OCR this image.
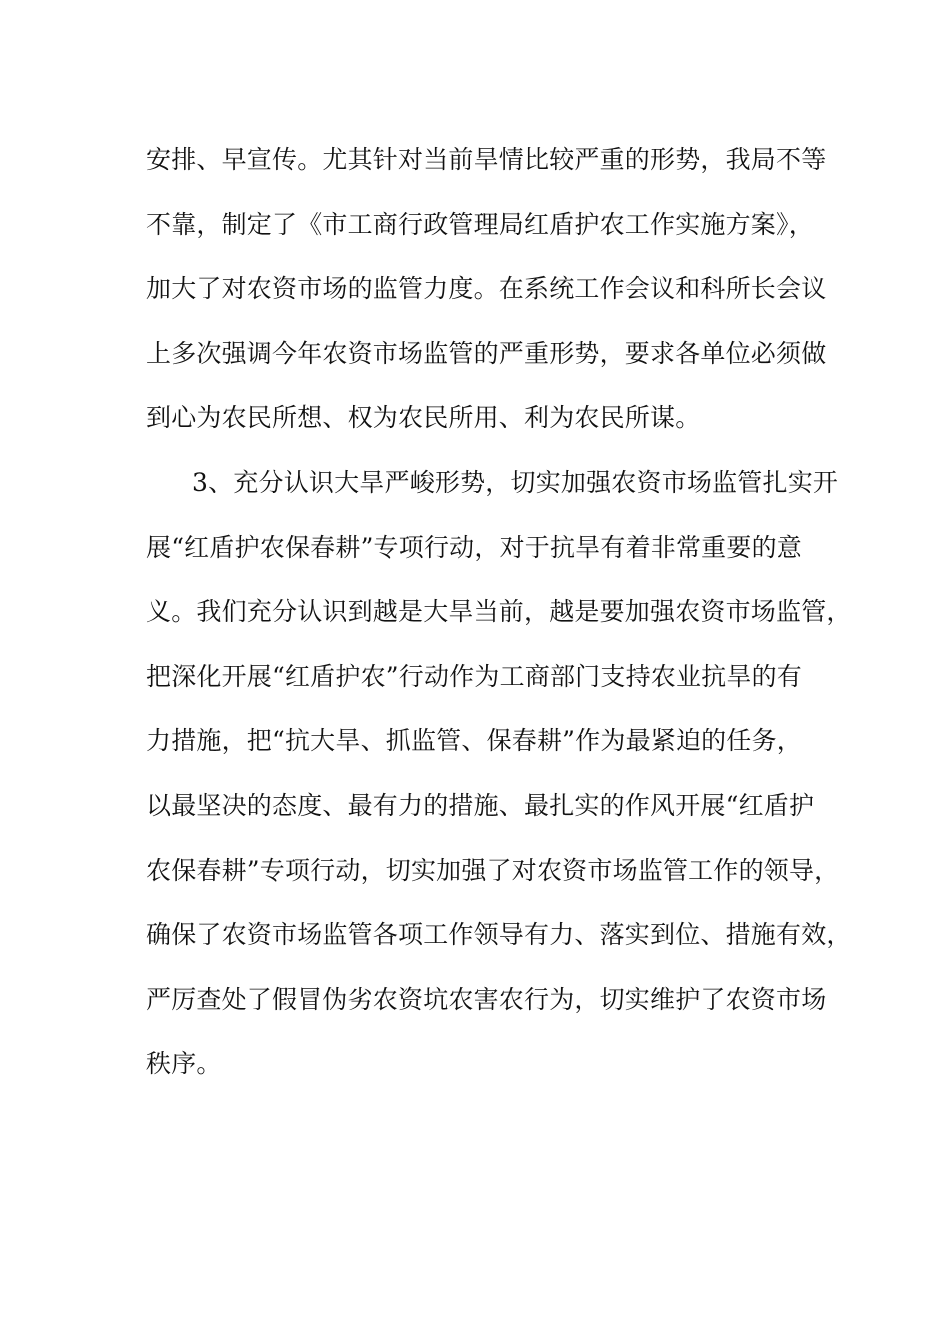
安排、早宣传。尤其针对当前旱情比较严重的形势，我局不等
不靠，制定了《市工商行政管理局红盾护农工作实施方案》，
加大了对农资市场的监管力度。在系统工作会议和科所长会议
上多次强调今年农资市场监管的严重形势，要求各单位必须做
到心为农民所想、权为农民所用、利为农民所谋。
3、充分认识大旱严峻形势，切实加强农资市场监管扎实开
展“红盾护农保春耕”专项行动，对于抗旱有着非常重要的意
义。我们充分认识到越是大旱当前，越是要加强农资市场监管，
把深化开展“红盾护农”行动作为工商部门支持农业抗旱的有
力措施，把“抗大旱、抓监管、保春耕”作为最紧迫的任务，
以最坚决的态度、最有力的措施、最扎实的作风开展“红盾护
农保春耕”专项行动，切实加强了对农资市场监管工作的领导，
确保了农资市场监管各项工作领导有力、落实到位、措施有效，
严厉查处了假冒伪劣农资坑农害农行为，切实维护了农资市场
秩序。
